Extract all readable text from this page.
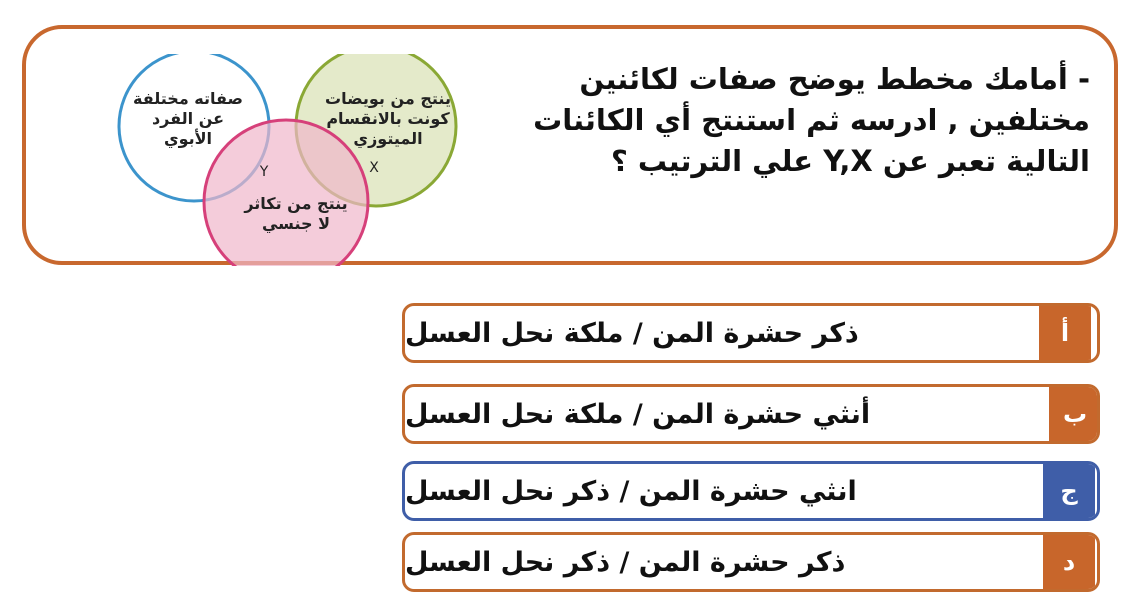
- أمامك مخطط يوضح صفات لكائنين
مختلفين , ادرسه ثم استنتج أي الكائنات
التالية تعبر عن Y,X علي الترتيب ؟
صفاته مختلفة
عن الفرد
الأبوي
ينتج من بويضات
كونت بالانقسام
الميتوزي
ينتج من تكاثر
لا جنسي
Y	X
ذكر حشرة المن / ملكة نحل العسل	أ
أنثي حشرة المن / ملكة نحل العسل	ب
انثي حشرة المن / ذكر نحل العسل	ج
ذكر حشرة المن / ذكر نحل العسل	د
